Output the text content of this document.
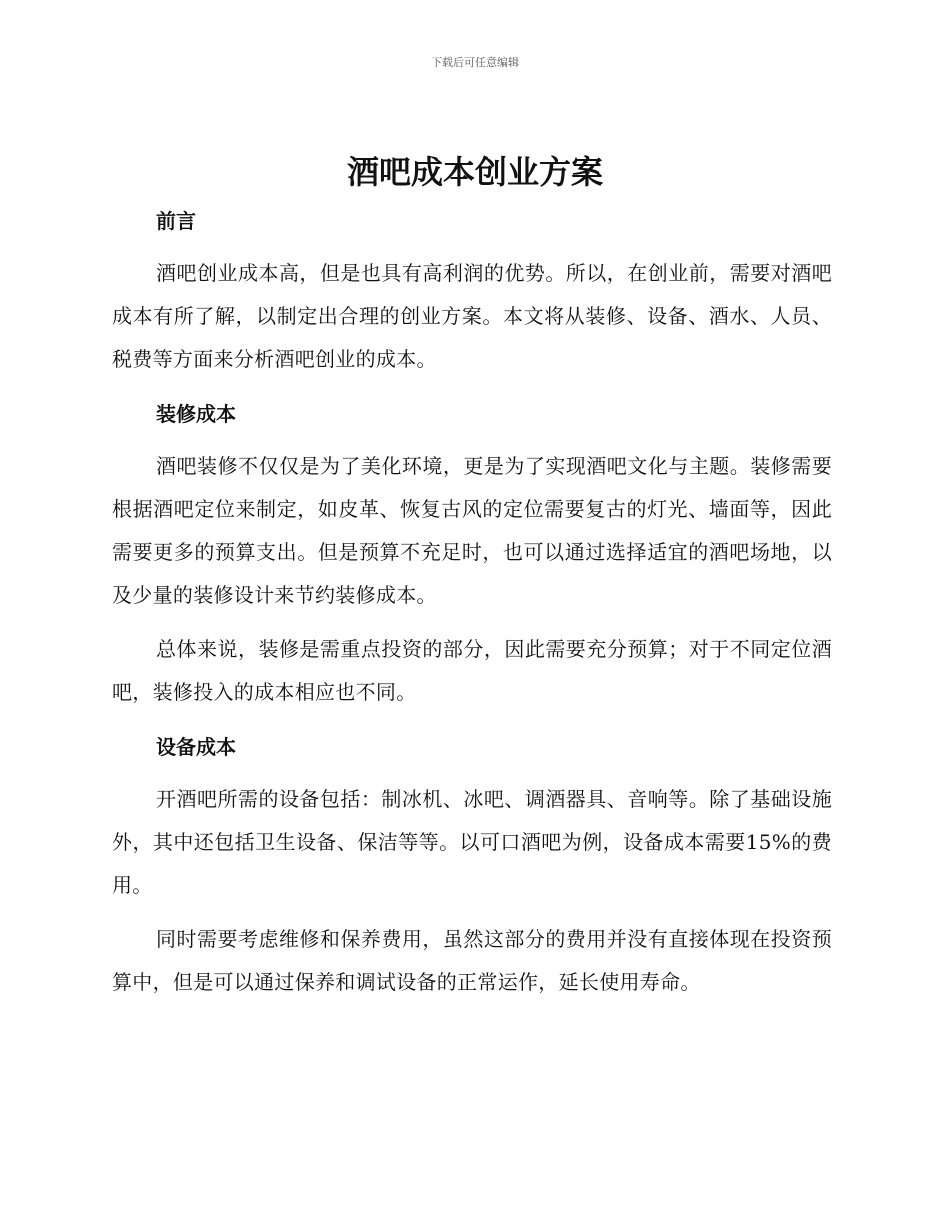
下载后可任意编辑
酒吧成本创业方案
前言

酒吧创业成本高，但是也具有高利润的优势。所以，在创业前，需要对酒吧成本有所了解，以制定出合理的创业方案。本文将从装修、设备、酒水、人员、税费等方面来分析酒吧创业的成本。

装修成本

酒吧装修不仅仅是为了美化环境，更是为了实现酒吧文化与主题。装修需要根据酒吧定位来制定，如皮革、恢复古风的定位需要复古的灯光、墙面等，因此需要更多的预算支出。但是预算不充足时，也可以通过选择适宜的酒吧场地，以及少量的装修设计来节约装修成本。

总体来说，装修是需重点投资的部分，因此需要充分预算；对于不同定位酒吧，装修投入的成本相应也不同。

设备成本

开酒吧所需的设备包括：制冰机、冰吧、调酒器具、音响等。除了基础设施外，其中还包括卫生设备、保洁等等。以可口酒吧为例，设备成本需要15%的费用。

同时需要考虑维修和保养费用，虽然这部分的费用并没有直接体现在投资预算中，但是可以通过保养和调试设备的正常运作，延长使用寿命。
